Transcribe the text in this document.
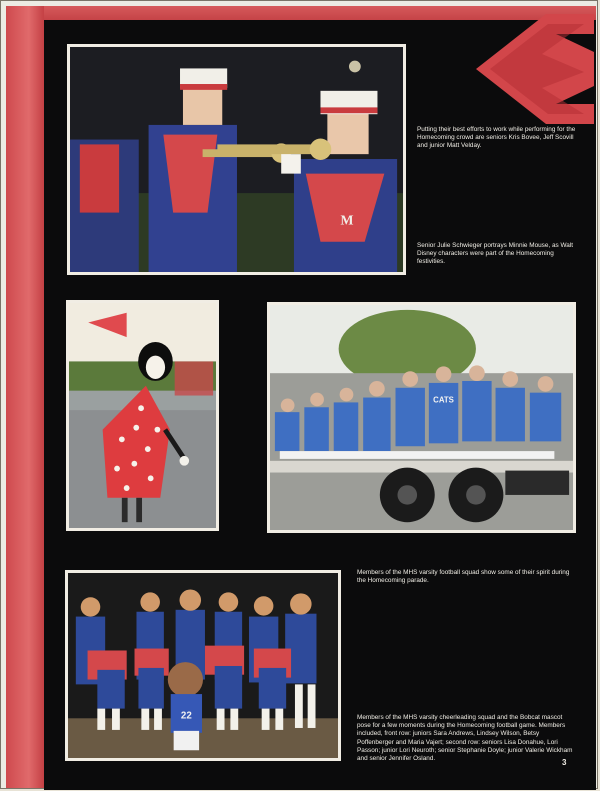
M
Putting their best efforts to work while performing for the Homecoming crowd are seniors Kris Bovee, Jeff Scovill and junior Matt Velday.
Senior Julie Schwieger portrays Minnie Mouse, as Walt Disney characters were part of the Homecoming festivities.
CATS
Members of the MHS varsity football squad show some of their spirit during the Homecoming parade.
22	Members of the MHS varsity cheerleading squad and the Bobcat mascot pose for a few moments during the Homecoming football game. Members included, front row: juniors Sara Andrews, Lindsey Wilson, Betsy Poffenberger and Maria Vajert; second row: seniors Lisa Donahue, Lori Passon; junior Lori Neuroth; senior Stephanie Doyle; junior Valerie Wickham and senior Jennifer Osland.	3
